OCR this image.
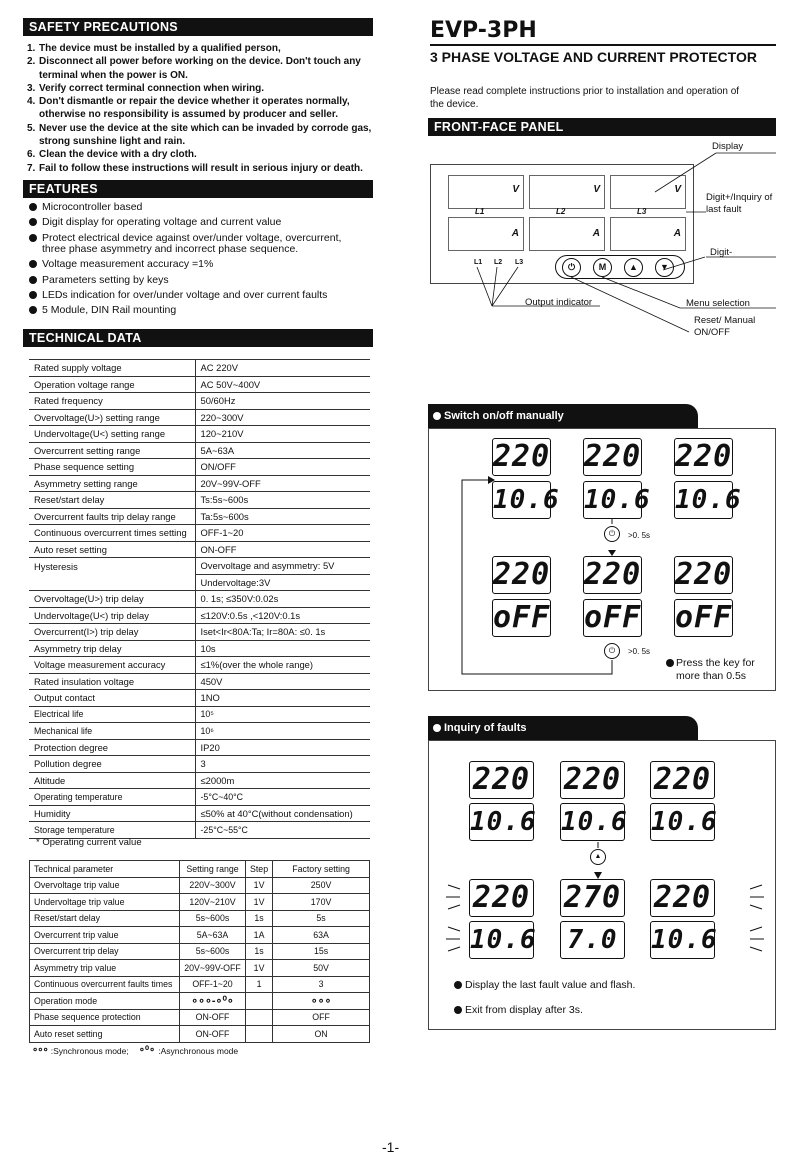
SAFETY PRECAUTIONS
1. The device must be installed by a qualified person,
2. Disconnect all power before working on the device. Don't touch any terminal when the power is ON.
3. Verify correct terminal connection when wiring.
4. Don't dismantle or repair the device whether it operates normally, otherwise no responsibility is assumed by producer and seller.
5. Never use the device at the site which can be invaded by corrode gas, strong sunshine light and rain.
6. Clean the device with a dry cloth.
7. Fail to follow these instructions will result in serious injury or death.
FEATURES
Microcontroller based
Digit display for operating voltage and current value
Protect electrical device against over/under voltage, overcurrent,
three phase asymmetry and incorrect phase sequence.
Voltage measurement accuracy =1%
Parameters setting by keys
LEDs indication for over/under voltage and over current faults
5 Module, DIN Rail mounting
TECHNICAL DATA
Rated supply voltage	AC 220V
Operation voltage range	AC 50V~400V
Rated frequency	50/60Hz
Overvoltage(U>) setting range	220~300V
Undervoltage(U<) setting range	120~210V
Overcurrent setting range	5A~63A
Phase sequence setting	ON/OFF
Asymmetry setting range	20V~99V-OFF
Reset/start delay	Ts:5s~600s
Overcurrent faults trip delay range	Ta:5s~600s
Continuous overcurrent times setting	OFF-1~20
Auto reset setting	ON-OFF
Hysteresis	Overvoltage and asymmetry: 5V
	Undervoltage:3V
Overvoltage(U>) trip delay	0. 1s; ≤350V:0.02s
Undervoltage(U<) trip delay	≤120V:0.5s ,<120V:0.1s
Overcurrent(I>) trip delay	Iset<Ir<80A:Ta; Ir=80A: ≤0. 1s
Asymmetry trip delay	10s
Voltage measurement accuracy	≤1%(over the whole range)
Rated insulation voltage	450V
Output contact	1NO
Electrical life	10⁵
Mechanical life	10⁶
Protection degree	IP20
Pollution degree	3
Altitude	≤2000m
Operating temperature	-5°C~40°C
Humidity	≤50% at 40°C(without condensation)
Storage temperature	-25°C~55°C
* Operating current value
Technical parameter	Setting range	Step	Factory setting
Overvoltage trip value	220V~300V	1V	250V
Undervoltage trip value	120V~210V	1V	170V
Reset/start delay	5s~600s	1s	5s
Overcurrent trip value	5A~63A	1A	63A
Overcurrent trip delay	5s~600s	1s	15s
Asymmetry trip value	20V~99V-OFF	1V	50V
Continuous overcurrent faults times	OFF-1~20	1	3
Operation mode	∘∘∘-∘⁰∘		∘∘∘
Phase sequence protection	ON-OFF		OFF
Auto reset setting	ON-OFF		ON
∘∘∘ :Synchronous mode; ∘⁰∘ :Asynchronous mode
EVP-3PH
3 PHASE VOLTAGE AND CURRENT PROTECTOR
Please read complete instructions prior to installation and operation of the device.
FRONT-FACE PANEL
V	V	V
L1	L2	L3
A	A	A
L1 L2 L3	⏻	M	▲	▼
Display
Digit+/Inquiry of last fault
Digit-
Menu selection
Reset/ Manual ON/OFF
Output indicator
Switch on/off manually
220 220 220
10.6 10.6 10.6
⏻	>0. 5s
220 220 220
oFF oFF oFF
⏻	>0. 5s
Press the key for more than 0.5s
Inquiry of faults
220 220 220
10.6 10.6 10.6
▲
220 270 220
10.6 7.0 10.6
Display the last fault value and flash.
Exit from display after 3s.
-1-
